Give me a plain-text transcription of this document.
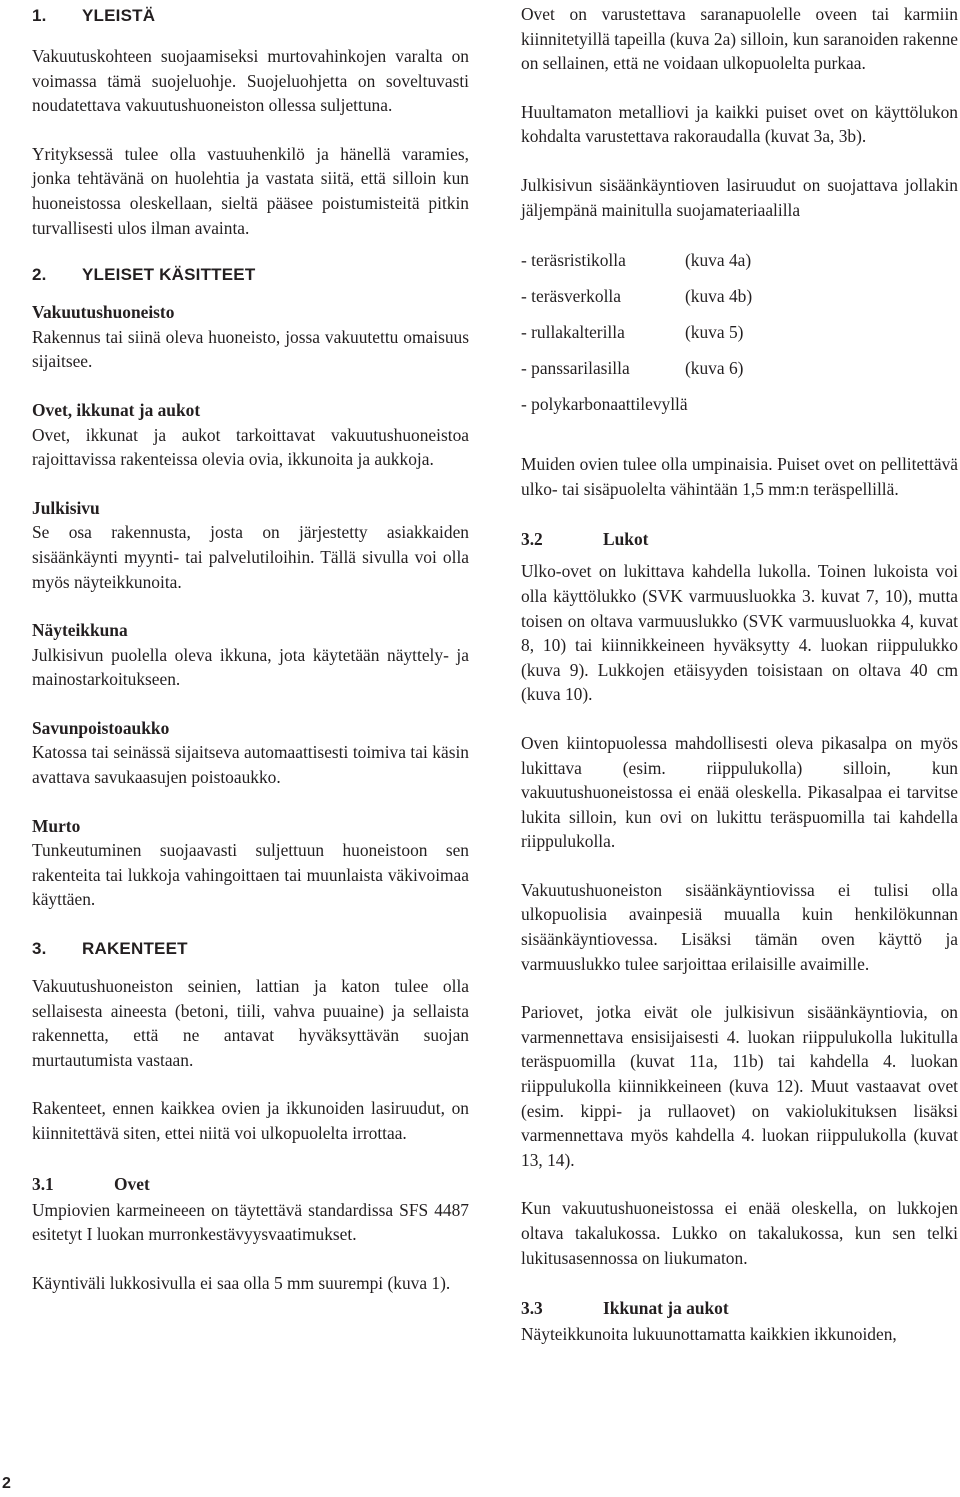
1.	YLEISTÄ

Vakuutuskohteen suojaamiseksi murtovahinkojen varalta on voimassa tämä suojeluohje. Suojeluohjetta on soveltuvasti noudatettava vakuutushuoneiston ollessa suljettuna.

Yrityksessä tulee olla vastuuhenkilö ja hänellä varamies, jonka tehtävänä on huolehtia ja vastata siitä, että silloin kun huoneistossa oleskellaan, sieltä pääsee poistumisteitä pitkin turvallisesti ulos ilman avainta.

2.	YLEISET KÄSITTEET
Vakuutushuoneisto

Rakennus tai siinä oleva huoneisto, jossa vakuutettu omaisuus sijaitsee.

Ovet, ikkunat ja aukot

Ovet, ikkunat ja aukot tarkoittavat vakuutushuoneistoa rajoittavissa rakenteissa olevia ovia, ikkunoita ja aukkoja.

Julkisivu

Se osa rakennusta, josta on järjestetty asiakkaiden sisäänkäynti myynti- tai palvelutiloihin. Tällä sivulla voi olla myös näyteikkunoita.

Näyteikkuna

Julkisivun puolella oleva ikkuna, jota käytetään näyttely- ja mainostarkoitukseen.

Savunpoistoaukko

Katossa tai seinässä sijaitseva automaattisesti toimiva tai käsin avattava savukaasujen poistoaukko.

Murto

Tunkeutuminen suojaavasti suljettuun huoneistoon sen rakenteita tai lukkoja vahingoittaen tai muunlaista väkivoimaa käyttäen.

3.	RAKENTEET

Vakuutushuoneiston seinien, lattian ja katon tulee olla sellaisesta aineesta (betoni, tiili, vahva puuaine) ja sellaista rakennetta, että ne antavat hyväksyttävän suojan murtautumista vastaan.

Rakenteet, ennen kaikkea ovien ja ikkunoiden lasiruudut, on kiinnitettävä siten, ettei niitä voi ulkopuolelta irrottaa.

3.1	Ovet

Umpiovien karmeineeen on täytettävä standardissa SFS 4487 esitetyt I luokan murronkestävyysvaatimukset.

Käyntiväli lukkosivulla ei saa olla 5 mm suurempi (kuva 1).

Ovet on varustettava saranapuolelle oveen tai karmiin kiinnitetyillä tapeilla (kuva 2a) silloin, kun saranoiden rakenne on sellainen, että ne voidaan ulkopuolelta purkaa.

Huultamaton metalliovi ja kaikki puiset ovet on käyttölukon kohdalta varustettava rakoraudalla (kuvat 3a, 3b).

Julkisivun sisäänkäyntioven lasiruudut on suojattava jollakin jäljempänä mainitulla suojamateriaalilla

- teräsristikolla	(kuva 4a)
- teräsverkolla	(kuva 4b)
- rullakalterilla	(kuva 5)
- panssarilasilla	(kuva 6)
- polykarbonaattilevyllä

Muiden ovien tulee olla umpinaisia. Puiset ovet on pellitettävä ulko- tai sisäpuolelta vähintään 1,5 mm:n teräspellillä.

3.2	Lukot

Ulko-ovet on lukittava kahdella lukolla. Toinen lukoista voi olla käyttölukko (SVK varmuusluokka 3. kuvat 7, 10), mutta toisen on oltava varmuuslukko (SVK varmuusluokka 4, kuvat 8, 10) tai kiinnikkeineen hyväksytty 4. luokan riippulukko (kuva 9). Lukkojen etäisyyden toisistaan on oltava 40 cm (kuva 10).

Oven kiintopuolessa mahdollisesti oleva pikasalpa on myös lukittava (esim. riippulukolla) silloin, kun vakuutushuoneistossa ei enää oleskella. Pikasalpaa ei tarvitse lukita silloin, kun ovi on lukittu teräspuomilla tai kahdella riippulukolla.

Vakuutushuoneiston sisäänkäyntiovissa ei tulisi olla ulkopuolisia avainpesiä muualla kuin henkilökunnan sisäänkäyntiovessa. Lisäksi tämän oven käyttö ja varmuuslukko tulee sarjoittaa erilaisille avaimille.

Pariovet, jotka eivät ole julkisivun sisäänkäyntiovia, on varmennettava ensisijaisesti 4. luokan riippulukolla lukitulla teräspuomilla (kuvat 11a, 11b) tai kahdella 4. luokan riippulukolla kiinnikkeineen (kuva 12). Muut vastaavat ovet (esim. kippi- ja rullaovet) on vakiolukituksen lisäksi varmennettava myös kahdella 4. luokan riippulukolla (kuvat 13, 14).

Kun vakuutushuoneistossa ei enää oleskella, on lukkojen oltava takalukossa. Lukko on takalukossa, kun sen telki lukitusasennossa on liukumaton.

3.3	Ikkunat ja aukot

Näyteikkunoita lukuunottamatta kaikkien ikkunoiden,

2
